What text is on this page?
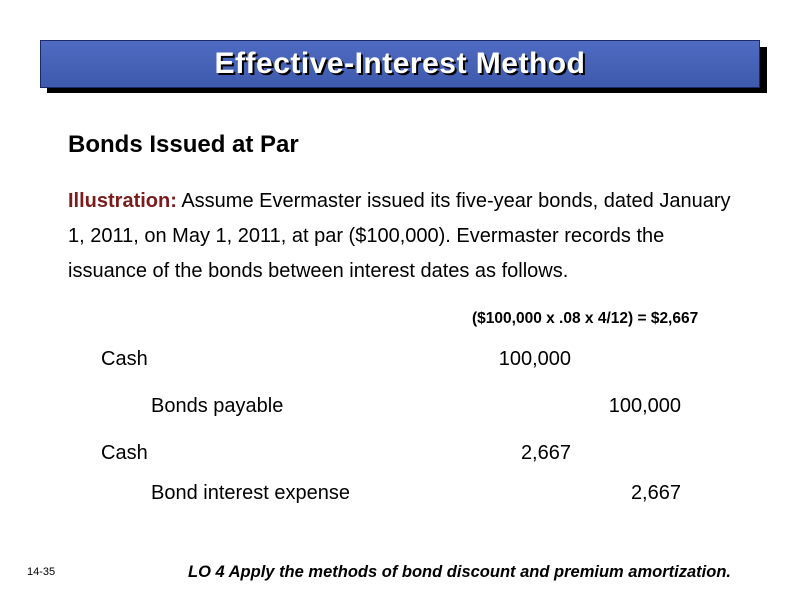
Effective-Interest Method
Bonds Issued at Par
Illustration: Assume Evermaster issued its five-year bonds, dated January 1, 2011, on May 1, 2011, at par ($100,000). Evermaster records the issuance of the bonds between interest dates as follows.
($100,000 x .08 x 4/12) = $2,667
Cash	100,000
Bonds payable	100,000
Cash	2,667
Bond interest expense	2,667
14-35	LO 4 Apply the methods of bond discount and premium amortization.
